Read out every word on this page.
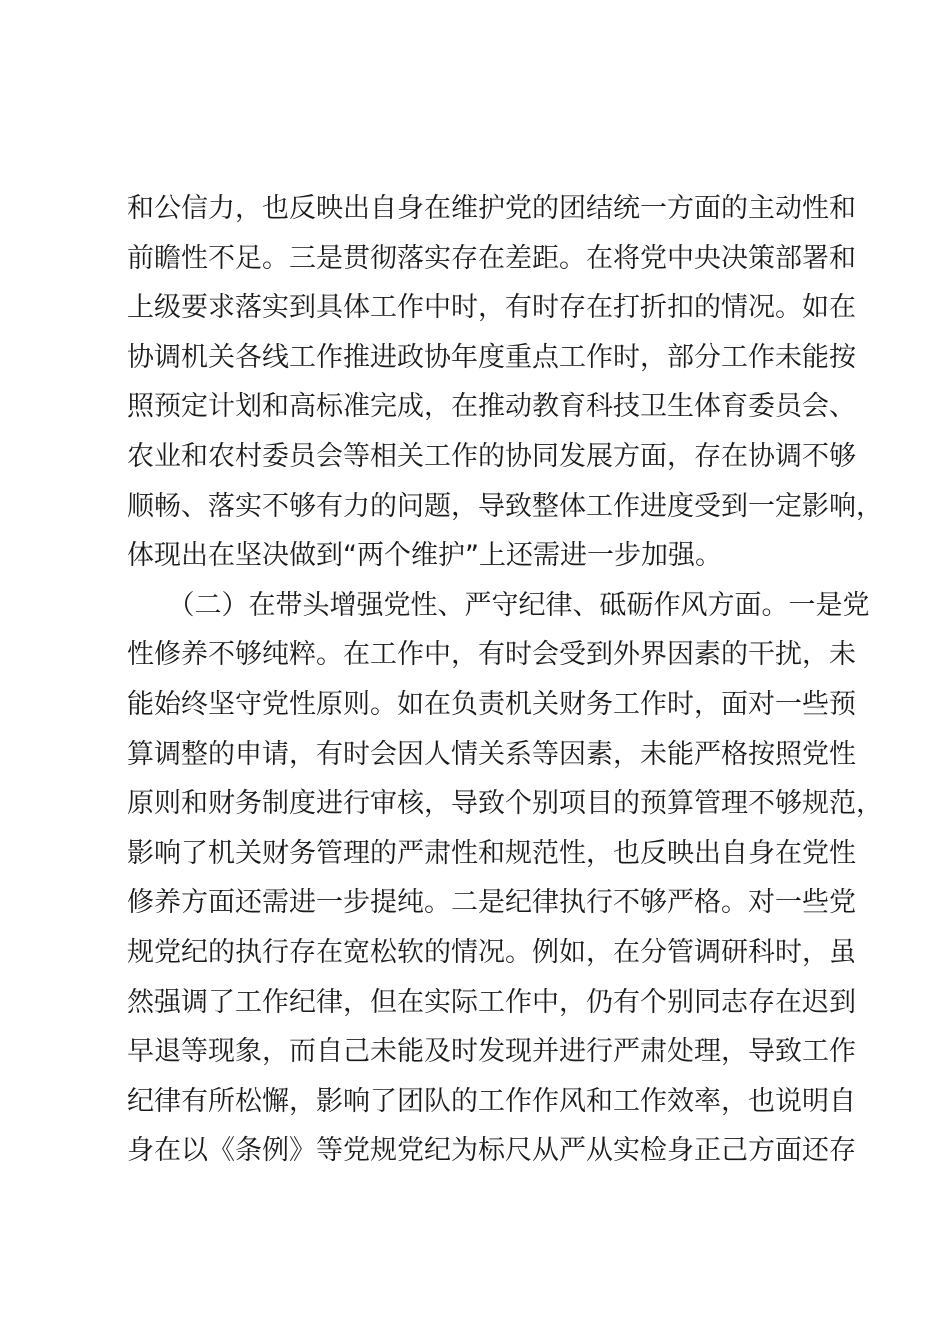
和公信力，也反映出自身在维护党的团结统一方面的主动性和
前瞻性不足。三是贯彻落实存在差距。在将党中央决策部署和
上级要求落实到具体工作中时，有时存在打折扣的情况。如在
协调机关各线工作推进政协年度重点工作时，部分工作未能按
照预定计划和高标准完成，在推动教育科技卫生体育委员会、
农业和农村委员会等相关工作的协同发展方面，存在协调不够
顺畅、落实不够有力的问题，导致整体工作进度受到一定影响，
体现出在坚决做到“两个维护”上还需进一步加强。
　　（二）在带头增强党性、严守纪律、砥砺作风方面。一是党
性修养不够纯粹。在工作中，有时会受到外界因素的干扰，未
能始终坚守党性原则。如在负责机关财务工作时，面对一些预
算调整的申请，有时会因人情关系等因素，未能严格按照党性
原则和财务制度进行审核，导致个别项目的预算管理不够规范，
影响了机关财务管理的严肃性和规范性，也反映出自身在党性
修养方面还需进一步提纯。二是纪律执行不够严格。对一些党
规党纪的执行存在宽松软的情况。例如，在分管调研科时，虽
然强调了工作纪律，但在实际工作中，仍有个别同志存在迟到
早退等现象，而自己未能及时发现并进行严肃处理，导致工作
纪律有所松懈，影响了团队的工作作风和工作效率，也说明自
身在以《条例》等党规党纪为标尺从严从实检身正己方面还存
